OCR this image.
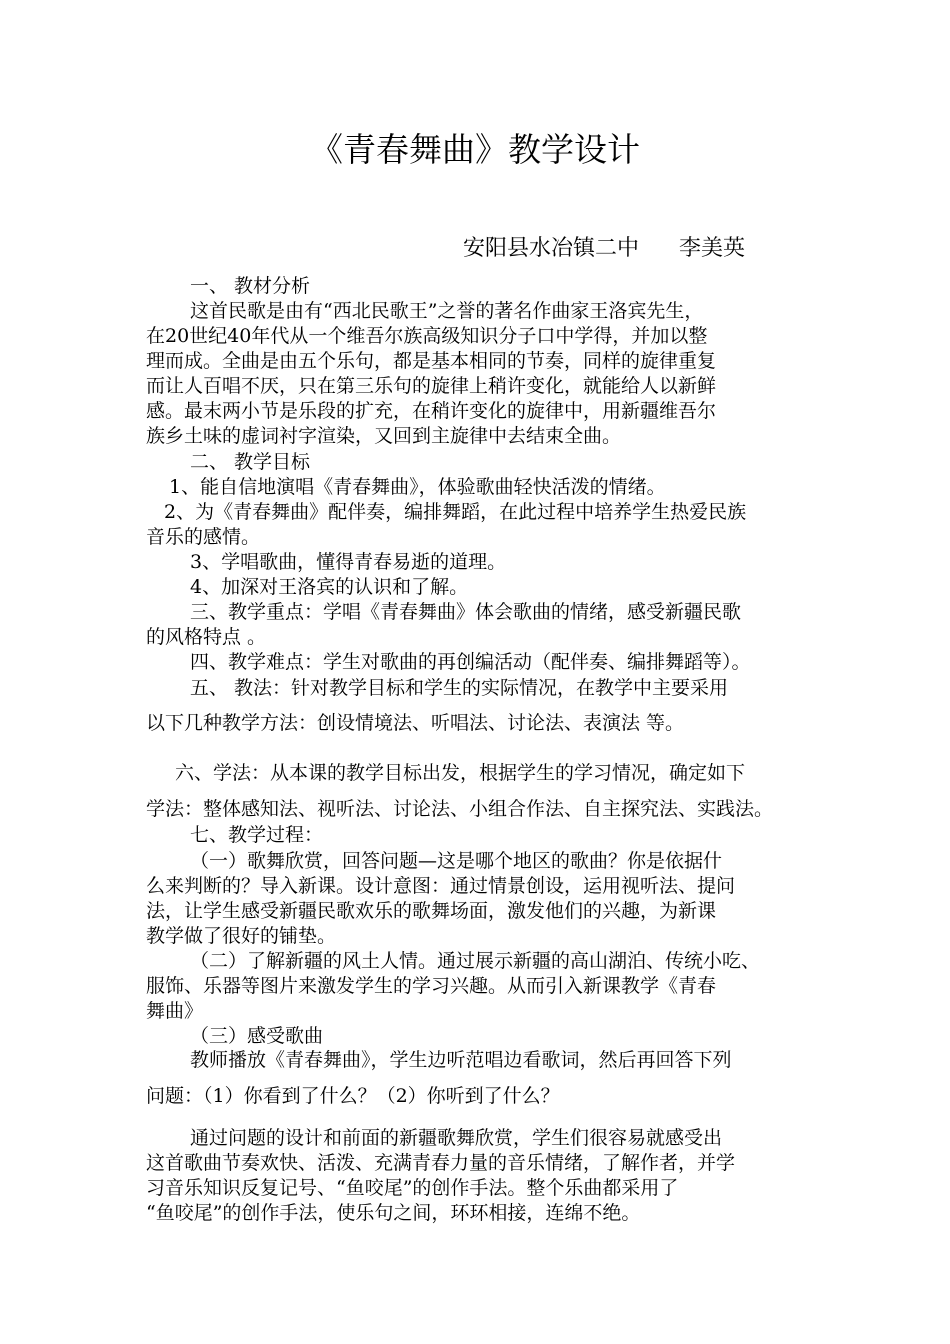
《青春舞曲》教学设计
安阳县水冶镇二中 李美英
一、 教材分析
这首民歌是由有“西北民歌王”之誉的著名作曲家王洛宾先生，
在20世纪40年代从一个维吾尔族高级知识分子口中学得，并加以整
理而成。全曲是由五个乐句，都是基本相同的节奏，同样的旋律重复
而让人百唱不厌，只在第三乐句的旋律上稍许变化，就能给人以新鲜
感。最末两小节是乐段的扩充，在稍许变化的旋律中，用新疆维吾尔
族乡土味的虚词衬字渲染，又回到主旋律中去结束全曲。
二、 教学目标
1、能自信地演唱《青春舞曲》，体验歌曲轻快活泼的情绪。
2、为《青春舞曲》配伴奏，编排舞蹈，在此过程中培养学生热爱民族
音乐的感情。
3、学唱歌曲，懂得青春易逝的道理。
4、加深对王洛宾的认识和了解。
三、教学重点：学唱《青春舞曲》体会歌曲的情绪，感受新疆民歌
的风格特点 。
四、教学难点：学生对歌曲的再创编活动（配伴奏、编排舞蹈等）。
五、 教法：针对教学目标和学生的实际情况，在教学中主要采用
以下几种教学方法：创设情境法、听唱法、讨论法、表演法 等。
六、学法：从本课的教学目标出发，根据学生的学习情况，确定如下
学法：整体感知法、视听法、讨论法、小组合作法、自主探究法、实践法。
七、教学过程：
（一）歌舞欣赏，回答问题—这是哪个地区的歌曲？你是依据什
么来判断的？导入新课。设计意图：通过情景创设，运用视听法、提问
法，让学生感受新疆民歌欢乐的歌舞场面，激发他们的兴趣，为新课
教学做了很好的铺垫。
（二）了解新疆的风土人情。通过展示新疆的高山湖泊、传统小吃、
服饰、乐器等图片来激发学生的学习兴趣。从而引入新课教学《青春
舞曲》
（三）感受歌曲
教师播放《青春舞曲》，学生边听范唱边看歌词，然后再回答下列
问题：（1）你看到了什么？（2）你听到了什么？
通过问题的设计和前面的新疆歌舞欣赏，学生们很容易就感受出
这首歌曲节奏欢快、活泼、充满青春力量的音乐情绪，了解作者，并学
习音乐知识反复记号、“鱼咬尾”的创作手法。整个乐曲都采用了
“鱼咬尾”的创作手法，使乐句之间，环环相接，连绵不绝。
